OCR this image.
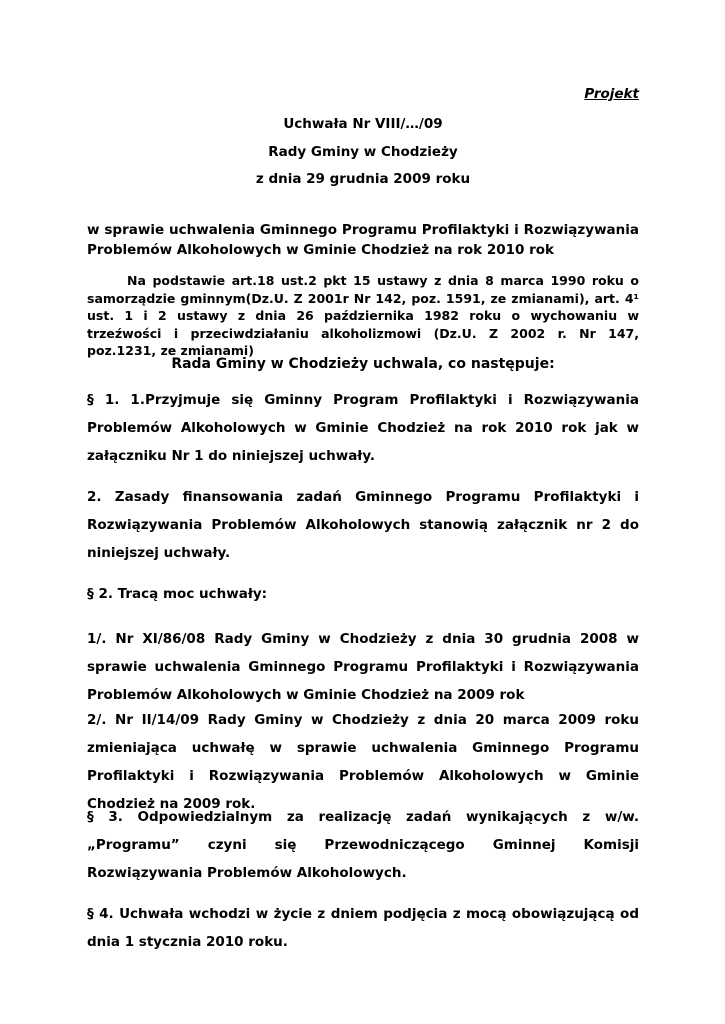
Projekt

Uchwała Nr VIII/…/09

Rady Gminy w Chodzieży

z dnia 29 grudnia 2009 roku

w sprawie uchwalenia Gminnego Programu Profilaktyki i Rozwiązywania Problemów Alkoholowych w Gminie Chodzież na rok 2010 rok

Na podstawie art.18 ust.2 pkt 15 ustawy z dnia 8 marca 1990 roku o samorządzie gminnym(Dz.U. Z 2001r Nr 142, poz. 1591, ze zmianami), art. 4¹ ust. 1 i 2 ustawy z dnia 26 października 1982 roku o wychowaniu w trzeźwości i przeciwdziałaniu alkoholizmowi (Dz.U. Z 2002 r. Nr 147, poz.1231, ze zmianami)

Rada Gminy w Chodzieży uchwala, co następuje:

§ 1. 1.Przyjmuje się Gminny Program Profilaktyki i Rozwiązywania Problemów Alkoholowych w Gminie Chodzież na rok 2010 rok jak w załączniku Nr 1 do niniejszej uchwały.

2. Zasady finansowania zadań Gminnego Programu Profilaktyki i Rozwiązywania Problemów Alkoholowych stanowią załącznik nr 2 do niniejszej uchwały.

§ 2. Tracą moc uchwały:

1/. Nr XI/86/08 Rady Gminy w Chodzieży z dnia 30 grudnia 2008 w sprawie uchwalenia Gminnego Programu Profilaktyki i Rozwiązywania Problemów Alkoholowych w Gminie Chodzież na 2009 rok

2/. Nr II/14/09 Rady Gminy w Chodzieży z dnia 20 marca 2009 roku zmieniająca uchwałę w sprawie uchwalenia Gminnego Programu Profilaktyki i Rozwiązywania Problemów Alkoholowych w Gminie Chodzież na 2009 rok.

§ 3. Odpowiedzialnym za realizację zadań wynikających z w/w. „Programu” czyni się Przewodniczącego Gminnej Komisji Rozwiązywania Problemów Alkoholowych.

§ 4. Uchwała wchodzi w życie z dniem podjęcia z mocą obowiązującą od dnia 1 stycznia 2010 roku.
